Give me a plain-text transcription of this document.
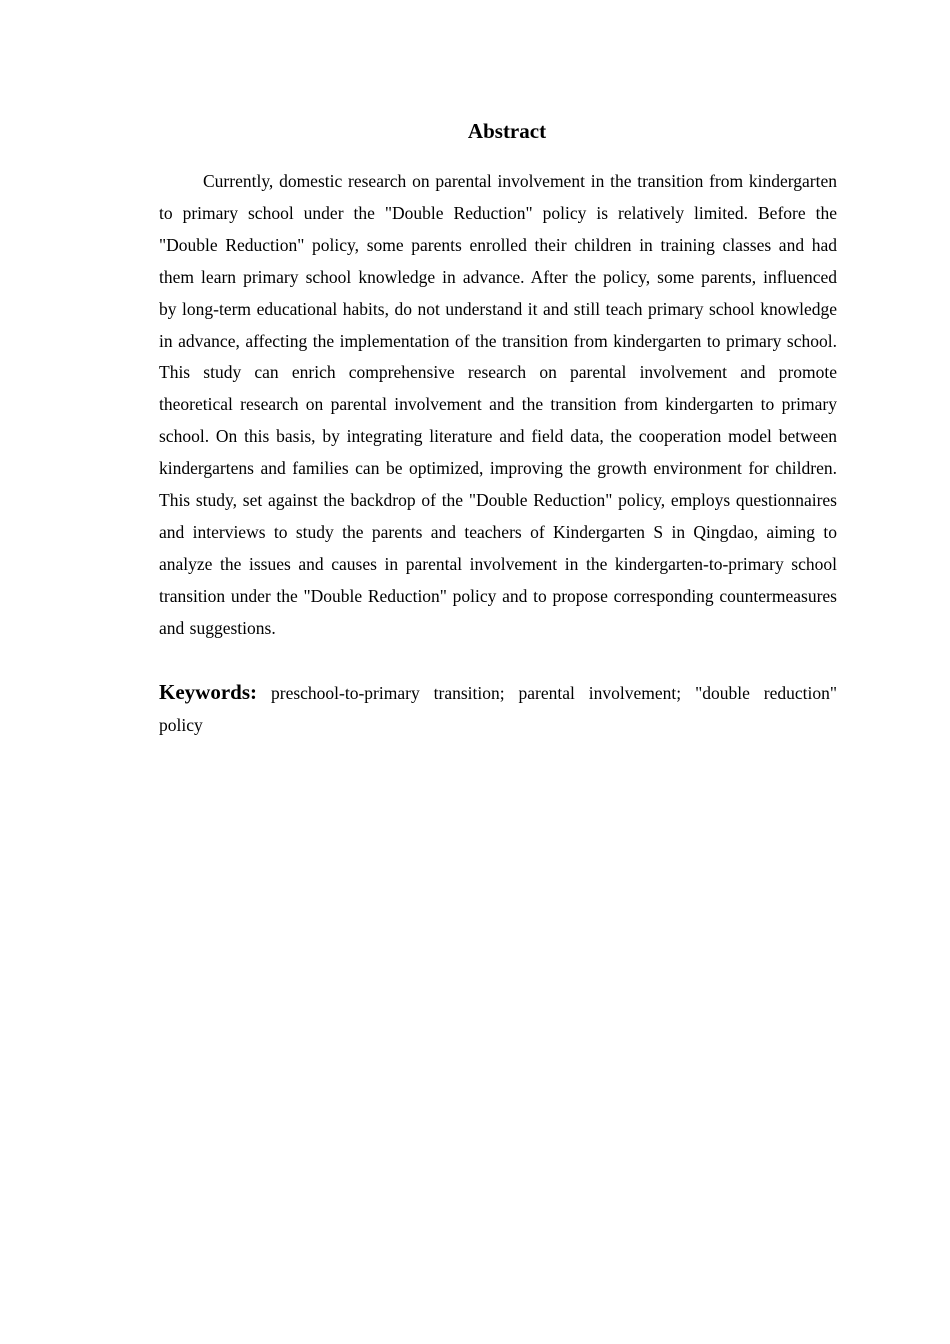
Abstract

Currently, domestic research on parental involvement in the transition from kindergarten to primary school under the "Double Reduction" policy is relatively limited. Before the "Double Reduction" policy, some parents enrolled their children in training classes and had them learn primary school knowledge in advance. After the policy, some parents, influenced by long-term educational habits, do not understand it and still teach primary school knowledge in advance, affecting the implementation of the transition from kindergarten to primary school. This study can enrich comprehensive research on parental involvement and promote theoretical research on parental involvement and the transition from kindergarten to primary school. On this basis, by integrating literature and field data, the cooperation model between kindergartens and families can be optimized, improving the growth environment for children. This study, set against the backdrop of the "Double Reduction" policy, employs questionnaires and interviews to study the parents and teachers of Kindergarten S in Qingdao, aiming to analyze the issues and causes in parental involvement in the kindergarten-to-primary school transition under the "Double Reduction" policy and to propose corresponding countermeasures and suggestions.

Keywords: preschool-to-primary transition; parental involvement; "double reduction" policy
